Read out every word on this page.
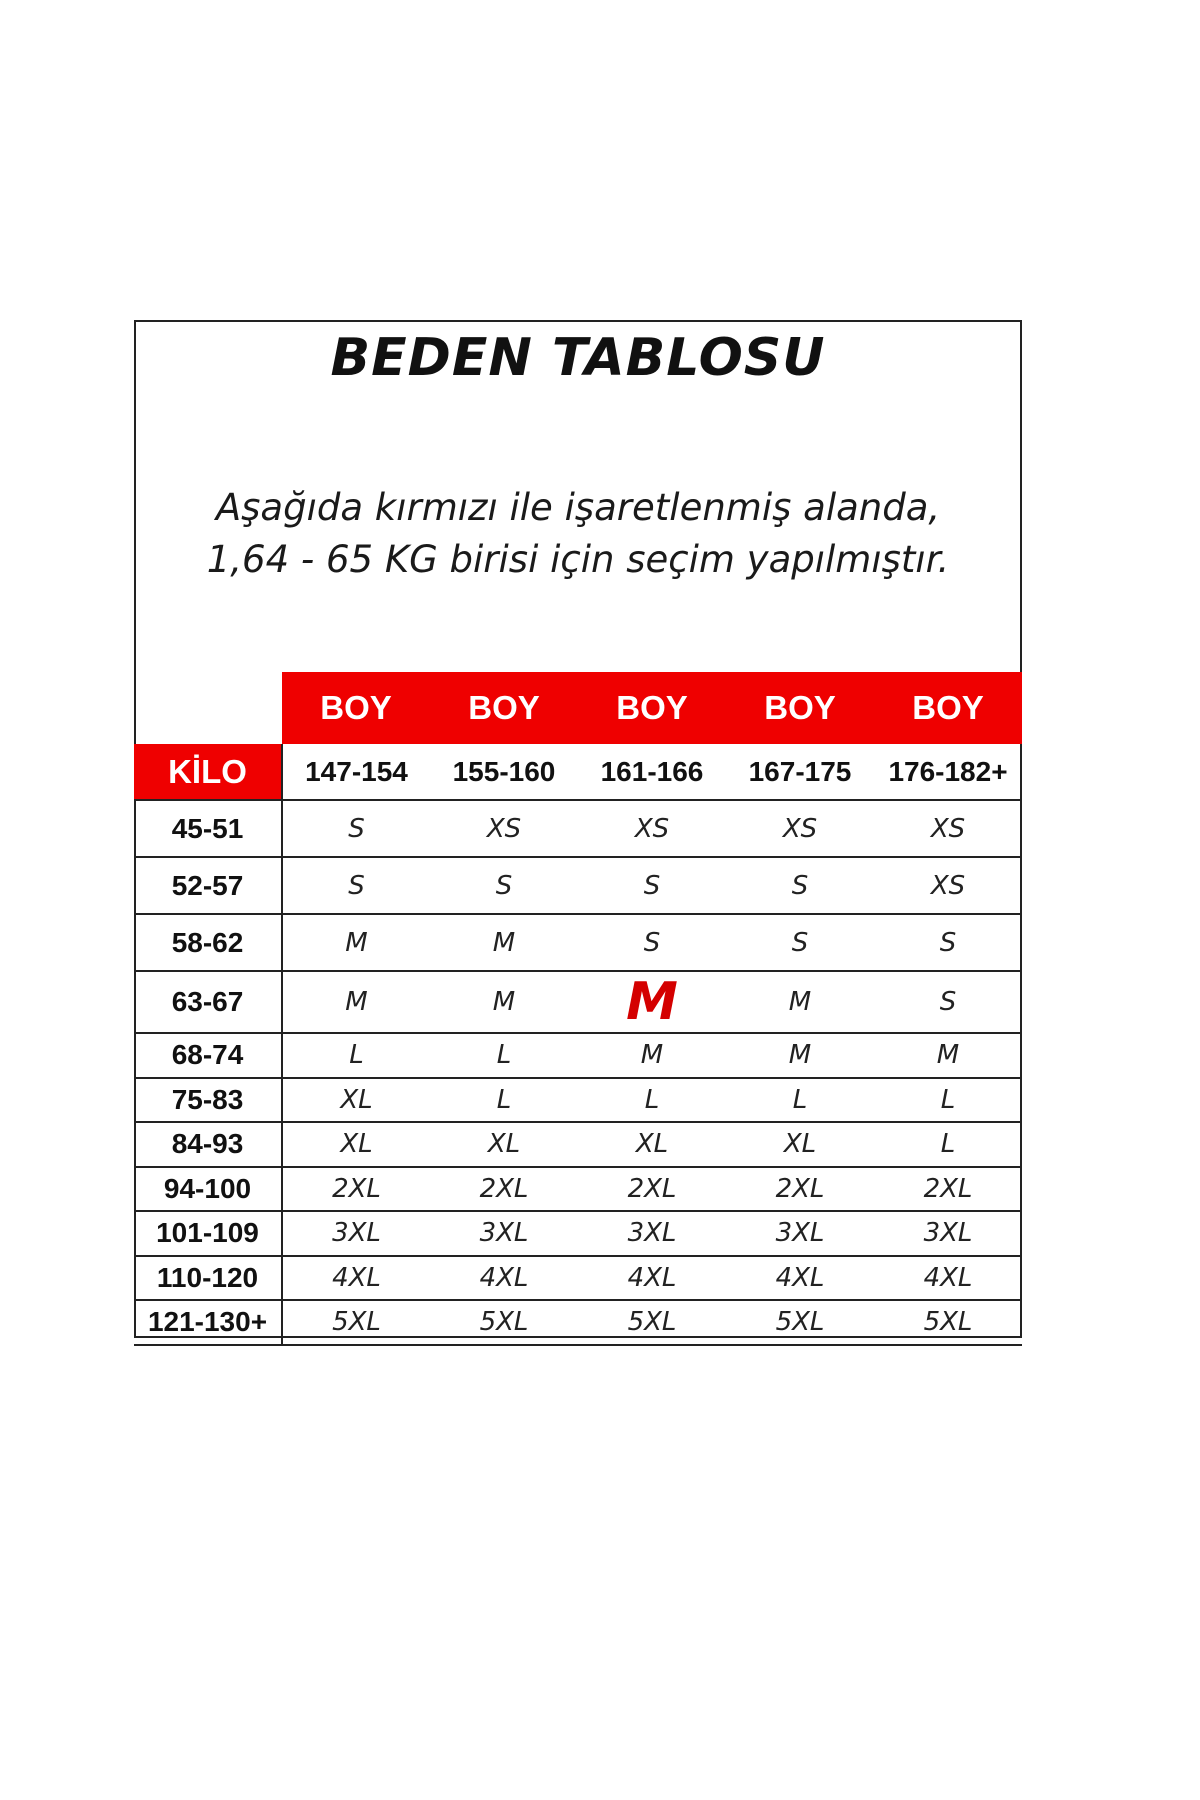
BEDEN TABLOSU
Aşağıda kırmızı ile işaretlenmiş alanda,
1,64 - 65 KG birisi için seçim yapılmıştır.
	BOY	BOY	BOY	BOY	BOY
KİLO	147-154	155-160	161-166	167-175	176-182+
45-51	S	XS	XS	XS	XS
52-57	S	S	S	S	XS
58-62	M	M	S	S	S
63-67	M	M	M	M	S
68-74	L	L	M	M	M
75-83	XL	L	L	L	L
84-93	XL	XL	XL	XL	L
94-100	2XL	2XL	2XL	2XL	2XL
101-109	3XL	3XL	3XL	3XL	3XL
110-120	4XL	4XL	4XL	4XL	4XL
121-130+	5XL	5XL	5XL	5XL	5XL
